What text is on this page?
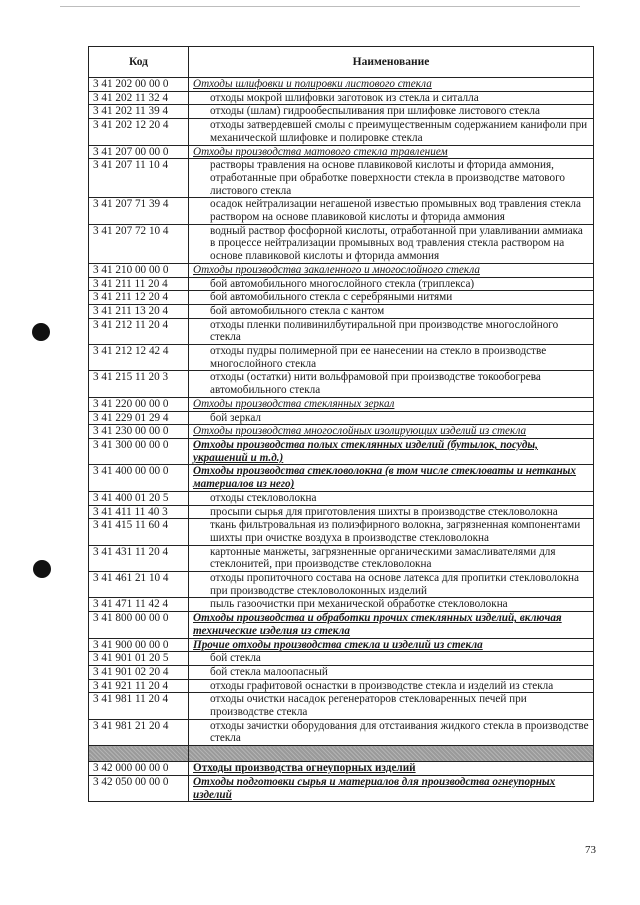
Код	Наименование
3 41 202 00 00 0	Отходы шлифовки и полировки листового стекла
3 41 202 11 32 4	отходы мокрой шлифовки заготовок из стекла и ситалла
3 41 202 11 39 4	отходы (шлам) гидрообеспыливания при шлифовке листового стекла
3 41 202 12 20 4	отходы затвердевшей смолы с преимущественным содержанием канифоли при механической шлифовке и полировке стекла
3 41 207 00 00 0	Отходы производства матового стекла травлением
3 41 207 11 10 4	растворы травления на основе плавиковой кислоты и фторида аммония, отработанные при обработке поверхности стекла в производстве матового листового стекла
3 41 207 71 39 4	осадок нейтрализации негашеной известью промывных вод травления стекла раствором на основе плавиковой кислоты и фторида аммония
3 41 207 72 10 4	водный раствор фосфорной кислоты, отработанной при улавливании аммиака в процессе нейтрализации промывных вод травления стекла раствором на основе плавиковой кислоты и фторида аммония
3 41 210 00 00 0	Отходы производства закаленного и многослойного стекла
3 41 211 11 20 4	бой автомобильного многослойного стекла (триплекса)
3 41 211 12 20 4	бой автомобильного стекла с серебряными нитями
3 41 211 13 20 4	бой автомобильного стекла с кантом
3 41 212 11 20 4	отходы пленки поливинилбутиральной при производстве многослойного стекла
3 41 212 12 42 4	отходы пудры полимерной при ее нанесении на стекло в производстве многослойного стекла
3 41 215 11 20 3	отходы (остатки) нити вольфрамовой при производстве токообогрева автомобильного стекла
3 41 220 00 00 0	Отходы производства стеклянных зеркал
3 41 229 01 29 4	бой зеркал
3 41 230 00 00 0	Отходы производства многослойных изолирующих изделий из стекла
3 41 300 00 00 0	Отходы производства полых стеклянных изделий (бутылок, посуды, украшений и т.д.)
3 41 400 00 00 0	Отходы производства стекловолокна (в том числе стекловаты и нетканых материалов из него)
3 41 400 01 20 5	отходы стекловолокна
3 41 411 11 40 3	просыпи сырья для приготовления шихты в производстве стекловолокна
3 41 415 11 60 4	ткань фильтровальная из полиэфирного волокна, загрязненная компонентами шихты при очистке воздуха в производстве стекловолокна
3 41 431 11 20 4	картонные манжеты, загрязненные органическими замасливателями для стеклонитей, при производстве стекловолокна
3 41 461 21 10 4	отходы пропиточного состава на основе латекса для пропитки стекловолокна при производстве стекловолоконных изделий
3 41 471 11 42 4	пыль газоочистки при механической обработке стекловолокна
3 41 800 00 00 0	Отходы производства и обработки прочих стеклянных изделий, включая технические изделия из стекла
3 41 900 00 00 0	Прочие отходы производства стекла и изделий из стекла
3 41 901 01 20 5	бой стекла
3 41 901 02 20 4	бой стекла малоопасный
3 41 921 11 20 4	отходы графитовой оснастки в производстве стекла и изделий из стекла
3 41 981 11 20 4	отходы очистки насадок регенераторов стекловаренных печей при производстве стекла
3 41 981 21 20 4	отходы зачистки оборудования для отстаивания жидкого стекла в производстве стекла

3 42 000 00 00 0	Отходы производства огнеупорных изделий
3 42 050 00 00 0	Отходы подготовки сырья и материалов для производства огнеупорных изделий
73
